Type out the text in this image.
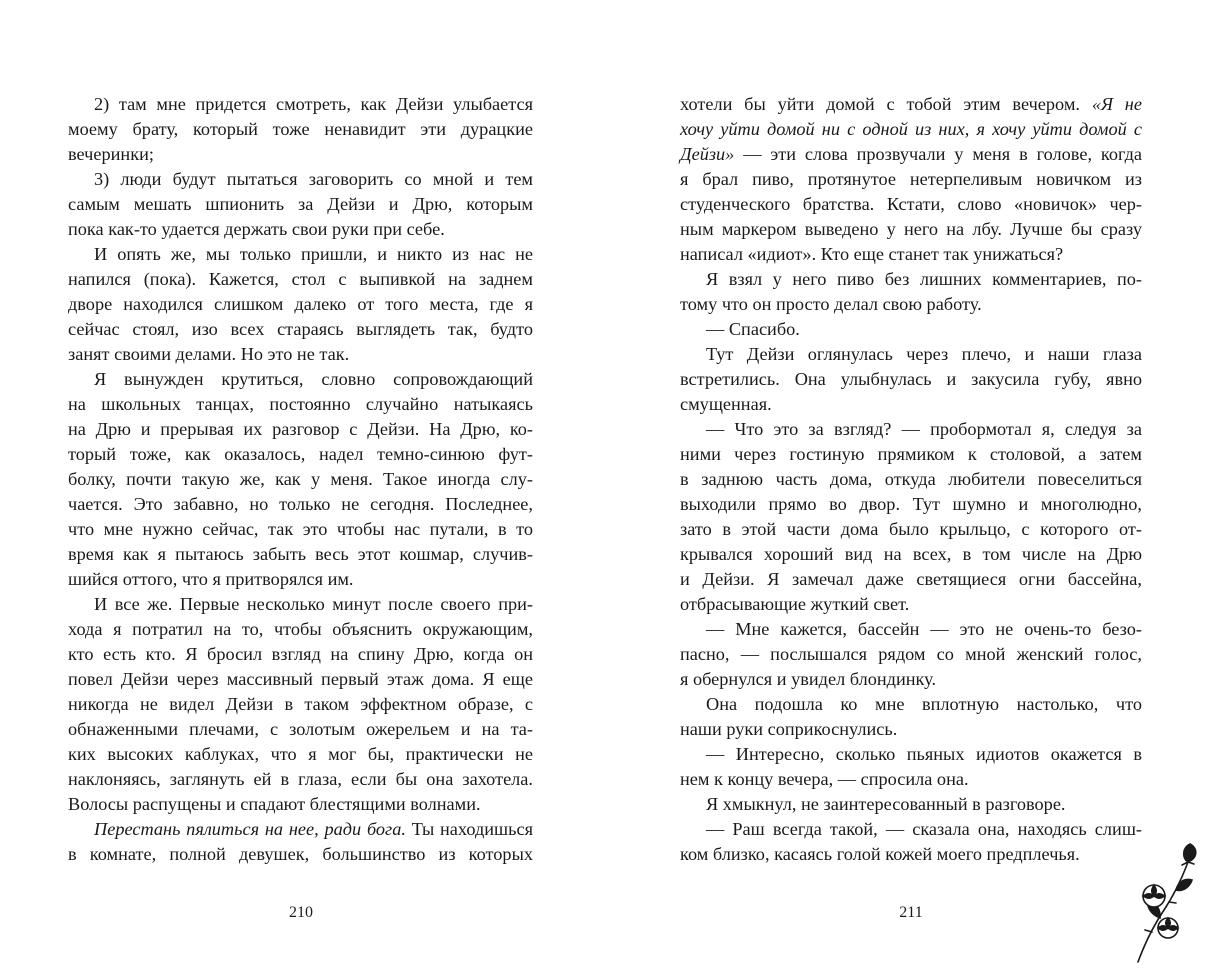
2) там мне придется смотреть, как Дейзи улыбается
моему брату, который тоже ненавидит эти дурацкие
вечеринки;
3) люди будут пытаться заговорить со мной и тем
самым мешать шпионить за Дейзи и Дрю, которым
пока как-то удается держать свои руки при себе.
И опять же, мы только пришли, и никто из нас не
напился (пока). Кажется, стол с выпивкой на заднем
дворе находился слишком далеко от того места, где я
сейчас стоял, изо всех стараясь выглядеть так, будто
занят своими делами. Но это не так.
Я вынужден крутиться, словно сопровождающий
на школьных танцах, постоянно случайно натыкаясь
на Дрю и прерывая их разговор с Дейзи. На Дрю, ко-
торый тоже, как оказалось, надел темно-синюю фут-
болку, почти такую же, как у меня. Такое иногда слу-
чается. Это забавно, но только не сегодня. Последнее,
что мне нужно сейчас, так это чтобы нас путали, в то
время как я пытаюсь забыть весь этот кошмар, случив-
шийся оттого, что я притворялся им.
И все же. Первые несколько минут после своего при-
хода я потратил на то, чтобы объяснить окружающим,
кто есть кто. Я бросил взгляд на спину Дрю, когда он
повел Дейзи через массивный первый этаж дома. Я еще
никогда не видел Дейзи в таком эффектном образе, с
обнаженными плечами, с золотым ожерельем и на та-
ких высоких каблуках, что я мог бы, практически не
наклоняясь, заглянуть ей в глаза, если бы она захотела.
Волосы распущены и спадают блестящими волнами.
Перестань пялиться на нее, ради бога. Ты находишься
в комнате, полной девушек, большинство из которых
хотели бы уйти домой с тобой этим вечером. «Я не
хочу уйти домой ни с одной из них, я хочу уйти домой с
Дейзи» — эти слова прозвучали у меня в голове, когда
я брал пиво, протянутое нетерпеливым новичком из
студенческого братства. Кстати, слово «новичок» чер-
ным маркером выведено у него на лбу. Лучше бы сразу
написал «идиот». Кто еще станет так унижаться?
Я взял у него пиво без лишних комментариев, по-
тому что он просто делал свою работу.
— Спасибо.
Тут Дейзи оглянулась через плечо, и наши глаза
встретились. Она улыбнулась и закусила губу, явно
смущенная.
— Что это за взгляд? — пробормотал я, следуя за
ними через гостиную прямиком к столовой, а затем
в заднюю часть дома, откуда любители повеселиться
выходили прямо во двор. Тут шумно и многолюдно,
зато в этой части дома было крыльцо, с которого от-
крывался хороший вид на всех, в том числе на Дрю
и Дейзи. Я замечал даже светящиеся огни бассейна,
отбрасывающие жуткий свет.
— Мне кажется, бассейн — это не очень-то безо-
пасно, — послышался рядом со мной женский голос,
я обернулся и увидел блондинку.
Она подошла ко мне вплотную настолько, что
наши руки соприкоснулись.
— Интересно, сколько пьяных идиотов окажется в
нем к концу вечера, — спросила она.
Я хмыкнул, не заинтересованный в разговоре.
— Раш всегда такой, — сказала она, находясь слиш-
ком близко, касаясь голой кожей моего предплечья.
210	211
